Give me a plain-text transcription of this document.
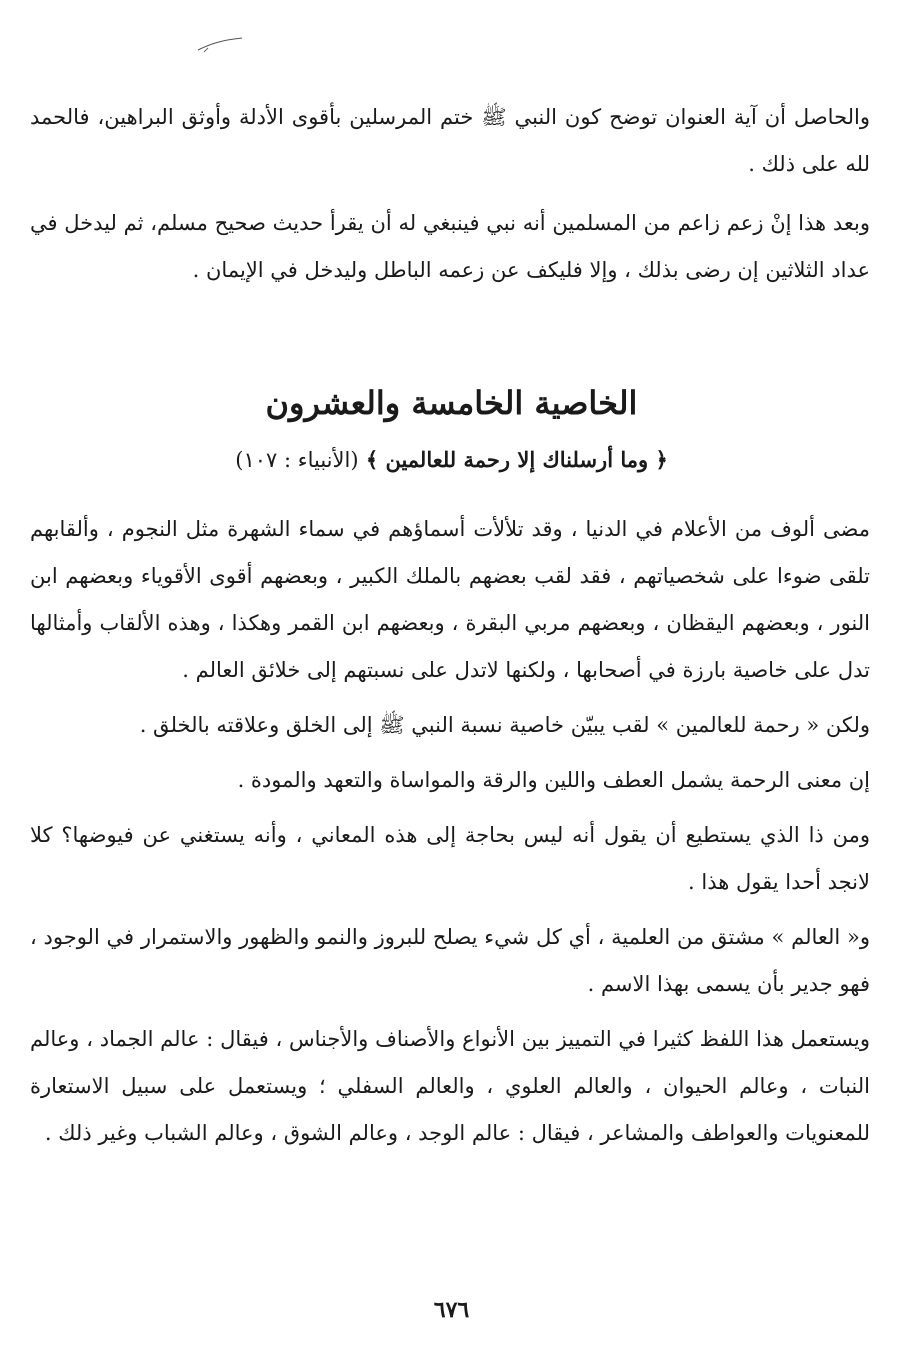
والحاصل أن آية العنوان توضح كون النبي ﷺ ختم المرسلين بأقوى الأدلة وأوثق البراهين، فالحمد لله على ذلك .

وبعد هذا إنْ زعم زاعم من المسلمين أنه نبي فينبغي له أن يقرأ حديث صحيح مسلم، ثم ليدخل في عداد الثلاثين إن رضى بذلك ، وإلا فليكف عن زعمه الباطل وليدخل في الإيمان .

الخاصية الخامسة والعشرون
﴿ وما أرسلناك إلا رحمة للعالمين ﴾ (الأنبياء : ١٠٧)

مضى ألوف من الأعلام في الدنيا ، وقد تلألأت أسماؤهم في سماء الشهرة مثل النجوم ، وألقابهم تلقى ضوءا على شخصياتهم ، فقد لقب بعضهم بالملك الكبير ، وبعضهم أقوى الأقوياء وبعضهم ابن النور ، وبعضهم اليقظان ، وبعضهم مربي البقرة ، وبعضهم ابن القمر وهكذا ، وهذه الألقاب وأمثالها تدل على خاصية بارزة في أصحابها ، ولكنها لاتدل على نسبتهم إلى خلائق العالم .

ولكن « رحمة للعالمين » لقب يبيّن خاصية نسبة النبي ﷺ إلى الخلق وعلاقته بالخلق .

إن معنى الرحمة يشمل العطف واللين والرقة والمواساة والتعهد والمودة .

ومن ذا الذي يستطيع أن يقول أنه ليس بحاجة إلى هذه المعاني ، وأنه يستغني عن فيوضها؟ كلا لانجد أحدا يقول هذا .

و« العالم » مشتق من العلمية ، أي كل شيء يصلح للبروز والنمو والظهور والاستمرار في الوجود ، فهو جدير بأن يسمى بهذا الاسم .

ويستعمل هذا اللفظ كثيرا في التمييز بين الأنواع والأصناف والأجناس ، فيقال : عالم الجماد ، وعالم النبات ، وعالم الحيوان ، والعالم العلوي ، والعالم السفلي ؛ ويستعمل على سبيل الاستعارة للمعنويات والعواطف والمشاعر ، فيقال : عالم الوجد ، وعالم الشوق ، وعالم الشباب وغير ذلك .

٦٧٦
